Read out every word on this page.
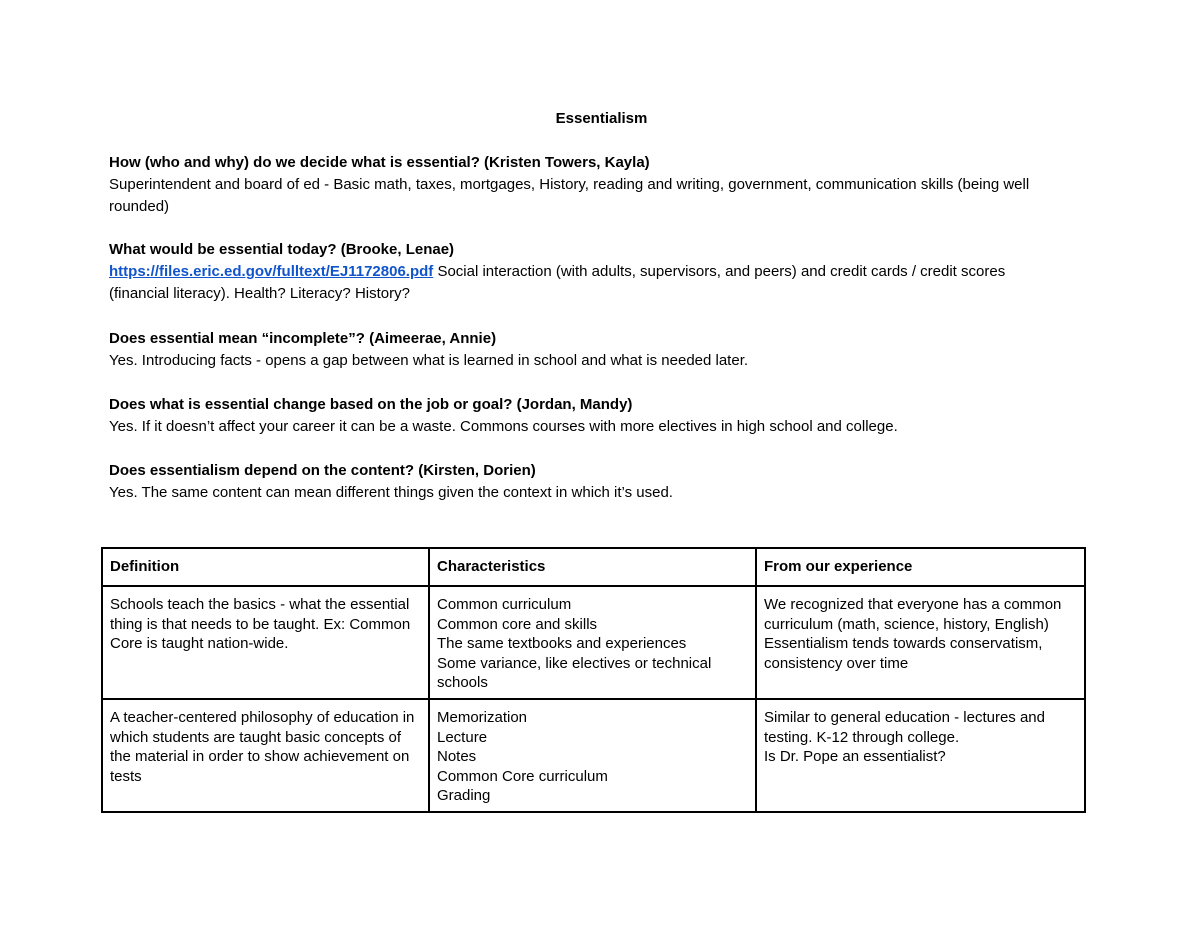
Essentialism

How (who and why) do we decide what is essential? (Kristen Towers, Kayla)

Superintendent and board of ed - Basic math, taxes, mortgages, History, reading and writing, government, communication skills (being well rounded)

What would be essential today? (Brooke, Lenae)

https://files.eric.ed.gov/fulltext/EJ1172806.pdf Social interaction (with adults, supervisors, and peers) and credit cards / credit scores (financial literacy). Health? Literacy? History?

Does essential mean “incomplete”? (Aimeerae, Annie)

Yes. Introducing facts - opens a gap between what is learned in school and what is needed later.

Does what is essential change based on the job or goal? (Jordan, Mandy)

Yes. If it doesn’t affect your career it can be a waste. Commons courses with more electives in high school and college.

Does essentialism depend on the content? (Kirsten, Dorien)

Yes. The same content can mean different things given the context in which it’s used.

Definition	Characteristics	From our experience
Schools teach the basics - what the essential thing is that needs to be taught. Ex: Common Core is taught nation-wide.	Common curriculum
Common core and skills
The same textbooks and experiences
Some variance, like electives or technical schools	We recognized that everyone has a common curriculum (math, science, history, English)
Essentialism tends towards conservatism, consistency over time

A teacher-centered philosophy of education in which students are taught basic concepts of the material in order to show achievement on tests	Memorization
Lecture
Notes
Common Core curriculum
Grading	Similar to general education - lectures and testing. K-12 through college.
Is Dr. Pope an essentialist?
